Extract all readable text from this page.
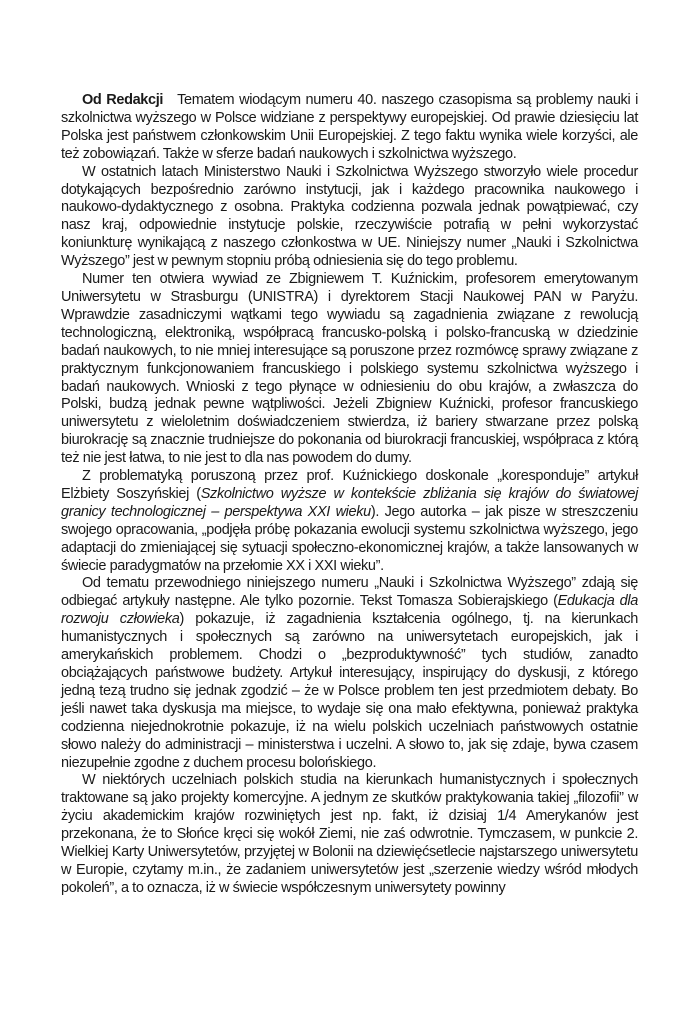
Od Redakcji Tematem wiodącym numeru 40. naszego czasopisma są problemy nauki i szkolnictwa wyższego w Polsce widziane z perspektywy europejskiej. Od prawie dziesięciu lat Polska jest państwem członkowskim Unii Europejskiej. Z tego faktu wynika wiele korzyści, ale też zobowiązań. Także w sferze badań naukowych i szkolnictwa wyższego.

W ostatnich latach Ministerstwo Nauki i Szkolnictwa Wyższego stworzyło wiele procedur dotykających bezpośrednio zarówno instytucji, jak i każdego pracownika naukowego i naukowo-dydaktycznego z osobna. Praktyka codzienna pozwala jednak powątpiewać, czy nasz kraj, odpowiednie instytucje polskie, rzeczywiście potrafią w pełni wykorzystać koniunkturę wynikającą z naszego członkostwa w UE. Niniejszy numer „Nauki i Szkolnictwa Wyższego” jest w pewnym stopniu próbą odniesienia się do tego problemu.

Numer ten otwiera wywiad ze Zbigniewem T. Kuźnickim, profesorem emerytowanym Uniwersytetu w Strasburgu (UNISTRA) i dyrektorem Stacji Naukowej PAN w Paryżu. Wprawdzie zasadniczymi wątkami tego wywiadu są zagadnienia związane z rewolucją technologiczną, elektroniką, współpracą francusko-polską i polsko-francuską w dziedzinie badań naukowych, to nie mniej interesujące są poruszone przez rozmówcę sprawy związane z praktycznym funkcjonowaniem francuskiego i polskiego systemu szkolnictwa wyższego i badań naukowych. Wnioski z tego płynące w odniesieniu do obu krajów, a zwłaszcza do Polski, budzą jednak pewne wątpliwości. Jeżeli Zbigniew Kuźnicki, profesor francuskiego uniwersytetu z wieloletnim doświadczeniem stwierdza, iż bariery stwarzane przez polską biurokrację są znacznie trudniejsze do pokonania od biurokracji francuskiej, współpraca z którą też nie jest łatwa, to nie jest to dla nas powodem do dumy.

Z problematyką poruszoną przez prof. Kuźnickiego doskonale „koresponduje” artykuł Elżbiety Soszyńskiej (Szkolnictwo wyższe w kontekście zbliżania się krajów do światowej granicy technologicznej – perspektywa XXI wieku). Jego autorka – jak pisze w streszczeniu swojego opracowania, „podjęła próbę pokazania ewolucji systemu szkolnictwa wyższego, jego adaptacji do zmieniającej się sytuacji społeczno-ekonomicznej krajów, a także lansowanych w świecie paradygmatów na przełomie XX i XXI wieku”.

Od tematu przewodniego niniejszego numeru „Nauki i Szkolnictwa Wyższego” zdają się odbiegać artykuły następne. Ale tylko pozornie. Tekst Tomasza Sobierajskiego (Edukacja dla rozwoju człowieka) pokazuje, iż zagadnienia kształcenia ogólnego, tj. na kierunkach humanistycznych i społecznych są zarówno na uniwersytetach europejskich, jak i amerykańskich problemem. Chodzi o „bezproduktywność” tych studiów, zanadto obciążających państwowe budżety. Artykuł interesujący, inspirujący do dyskusji, z którego jedną tezą trudno się jednak zgodzić – że w Polsce problem ten jest przedmiotem debaty. Bo jeśli nawet taka dyskusja ma miejsce, to wydaje się ona mało efektywna, ponieważ praktyka codzienna niejednokrotnie pokazuje, iż na wielu polskich uczelniach państwowych ostatnie słowo należy do administracji – ministerstwa i uczelni. A słowo to, jak się zdaje, bywa czasem niezupełnie zgodne z duchem procesu bolońskiego.

W niektórych uczelniach polskich studia na kierunkach humanistycznych i społecznych traktowane są jako projekty komercyjne. A jednym ze skutków praktykowania takiej „filozofii” w życiu akademickim krajów rozwiniętych jest np. fakt, iż dzisiaj 1/4 Amerykanów jest przekonana, że to Słońce kręci się wokół Ziemi, nie zaś odwrotnie. Tymczasem, w punkcie 2. Wielkiej Karty Uniwersytetów, przyjętej w Bolonii na dziewięćsetlecie najstarszego uniwersytetu w Europie, czytamy m.in., że zadaniem uniwersytetów jest „szerzenie wiedzy wśród młodych pokoleń”, a to oznacza, iż w świecie współczesnym uniwersytety powinny
